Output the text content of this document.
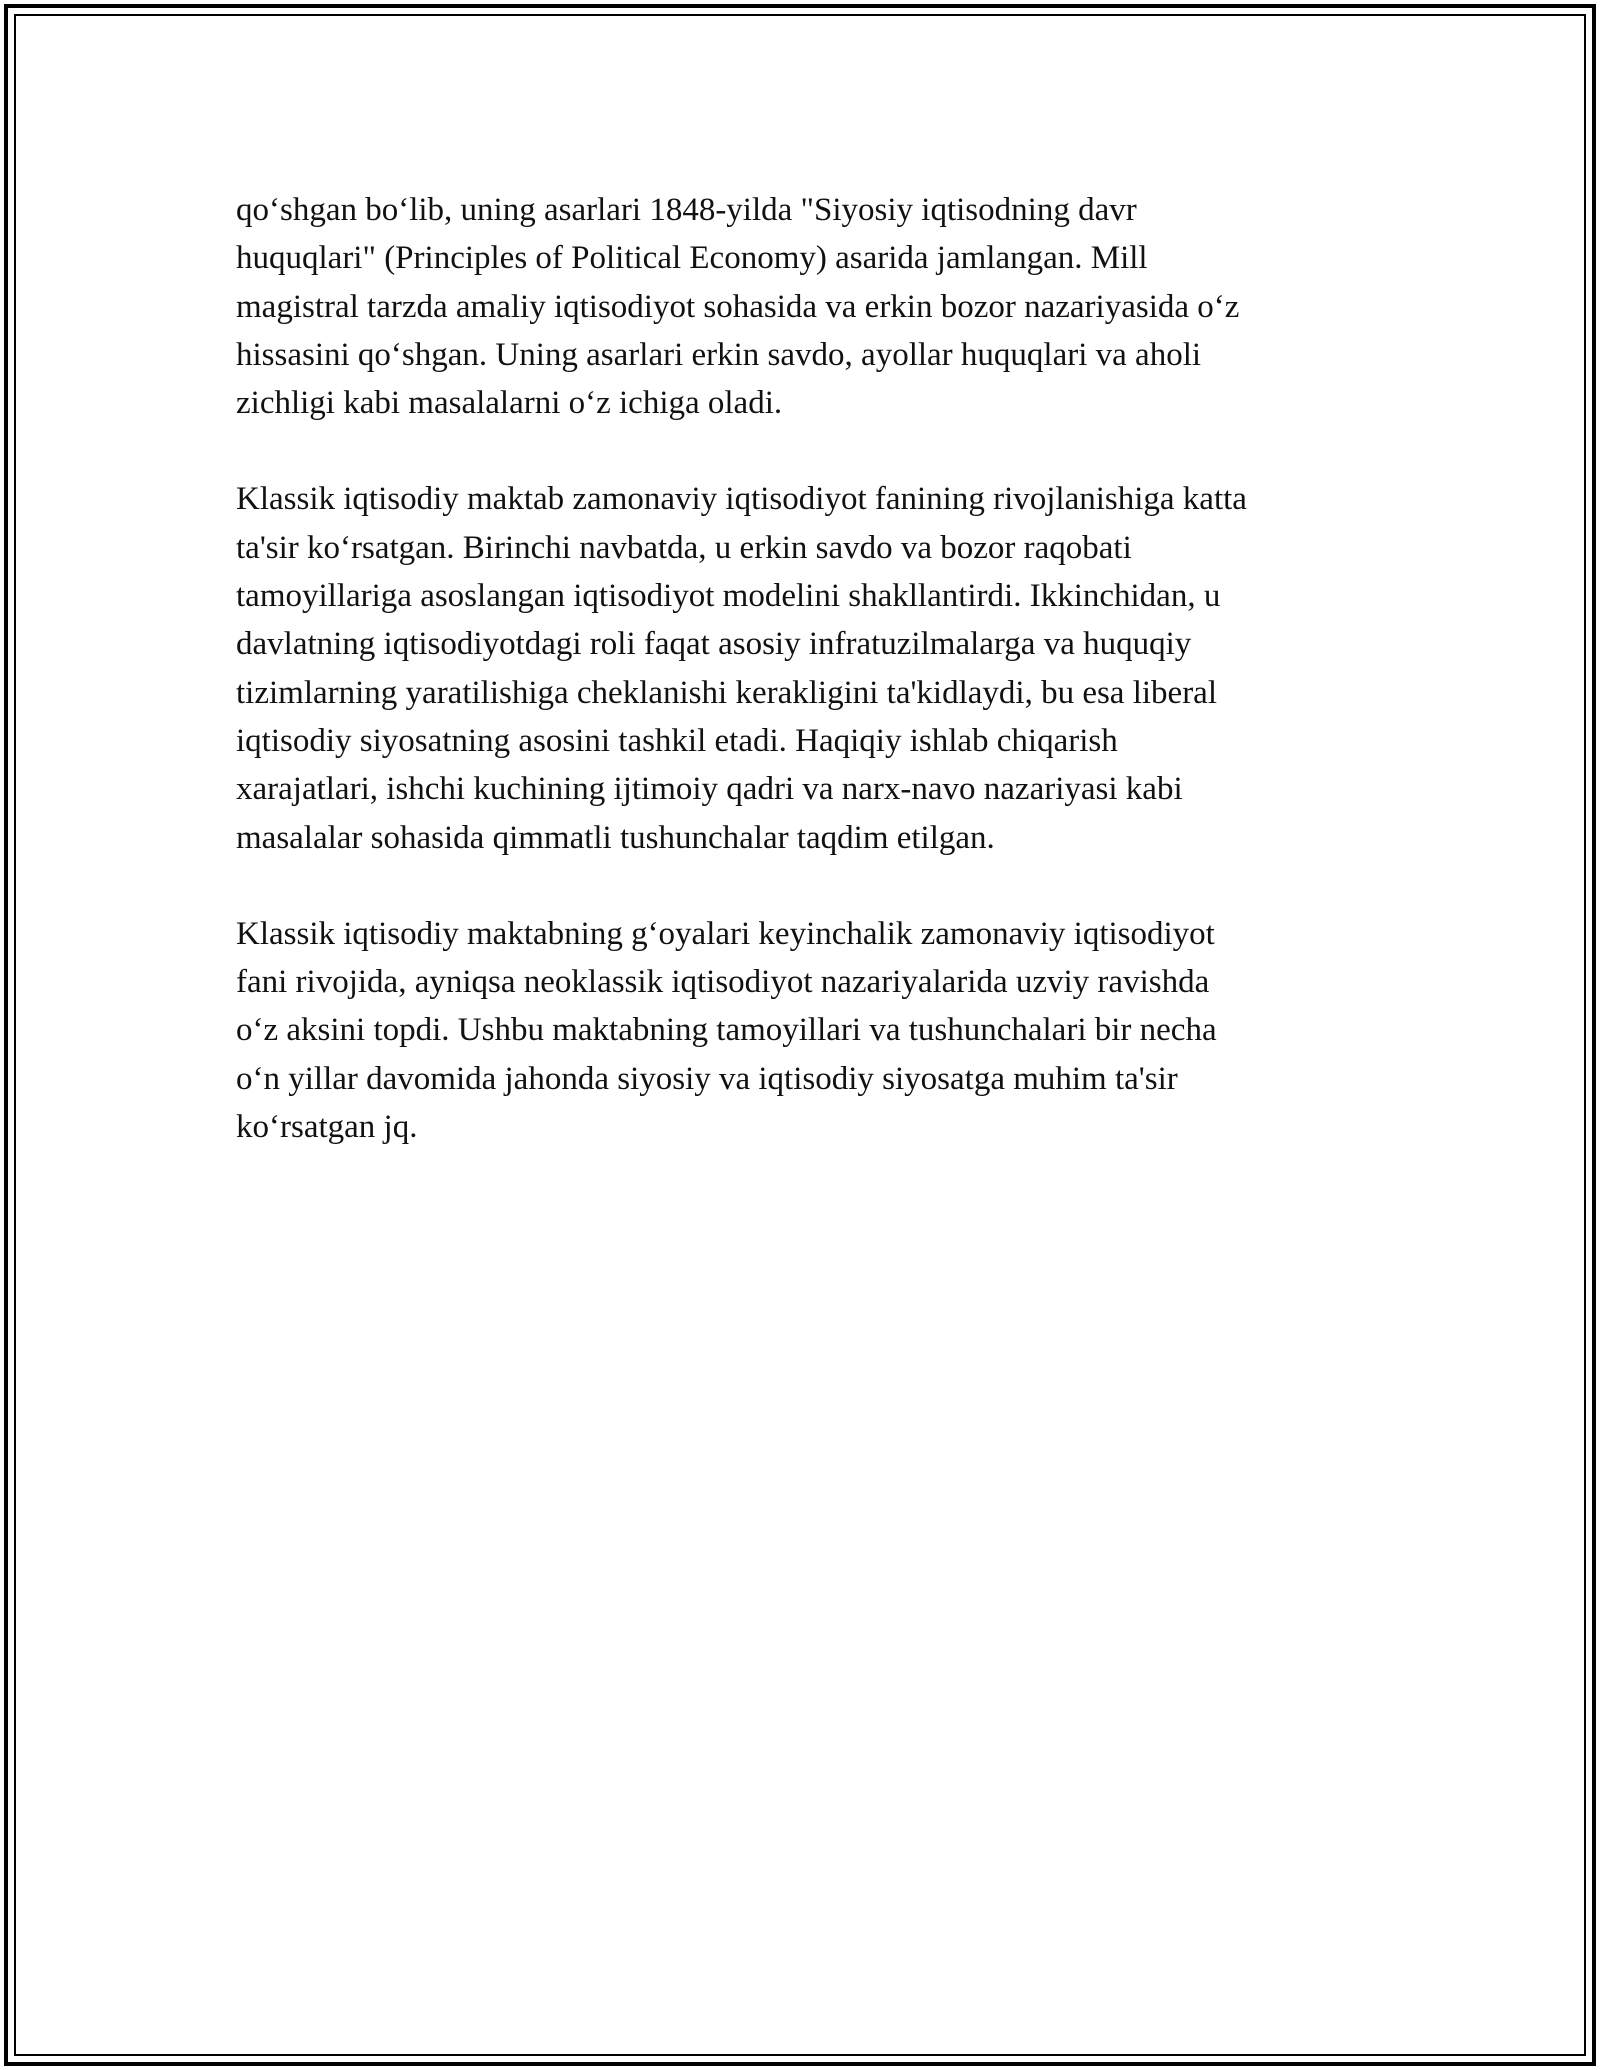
qo‘shgan bo‘lib, uning asarlari 1848-yilda "Siyosiy iqtisodning davr
huquqlari" (Principles of Political Economy) asarida jamlangan. Mill
magistral tarzda amaliy iqtisodiyot sohasida va erkin bozor nazariyasida o‘z
hissasini qo‘shgan. Uning asarlari erkin savdo, ayollar huquqlari va aholi
zichligi kabi masalalarni o‘z ichiga oladi.

Klassik iqtisodiy maktab zamonaviy iqtisodiyot fanining rivojlanishiga katta
ta'sir ko‘rsatgan. Birinchi navbatda, u erkin savdo va bozor raqobati
tamoyillariga asoslangan iqtisodiyot modelini shakllantirdi. Ikkinchidan, u
davlatning iqtisodiyotdagi roli faqat asosiy infratuzilmalarga va huquqiy
tizimlarning yaratilishiga cheklanishi kerakligini ta'kidlaydi, bu esa liberal
iqtisodiy siyosatning asosini tashkil etadi. Haqiqiy ishlab chiqarish
xarajatlari, ishchi kuchining ijtimoiy qadri va narx-navo nazariyasi kabi
masalalar sohasida qimmatli tushunchalar taqdim etilgan.

Klassik iqtisodiy maktabning g‘oyalari keyinchalik zamonaviy iqtisodiyot
fani rivojida, ayniqsa neoklassik iqtisodiyot nazariyalarida uzviy ravishda
o‘z aksini topdi. Ushbu maktabning tamoyillari va tushunchalari bir necha
o‘n yillar davomida jahonda siyosiy va iqtisodiy siyosatga muhim ta'sir
ko‘rsatgan jq.
